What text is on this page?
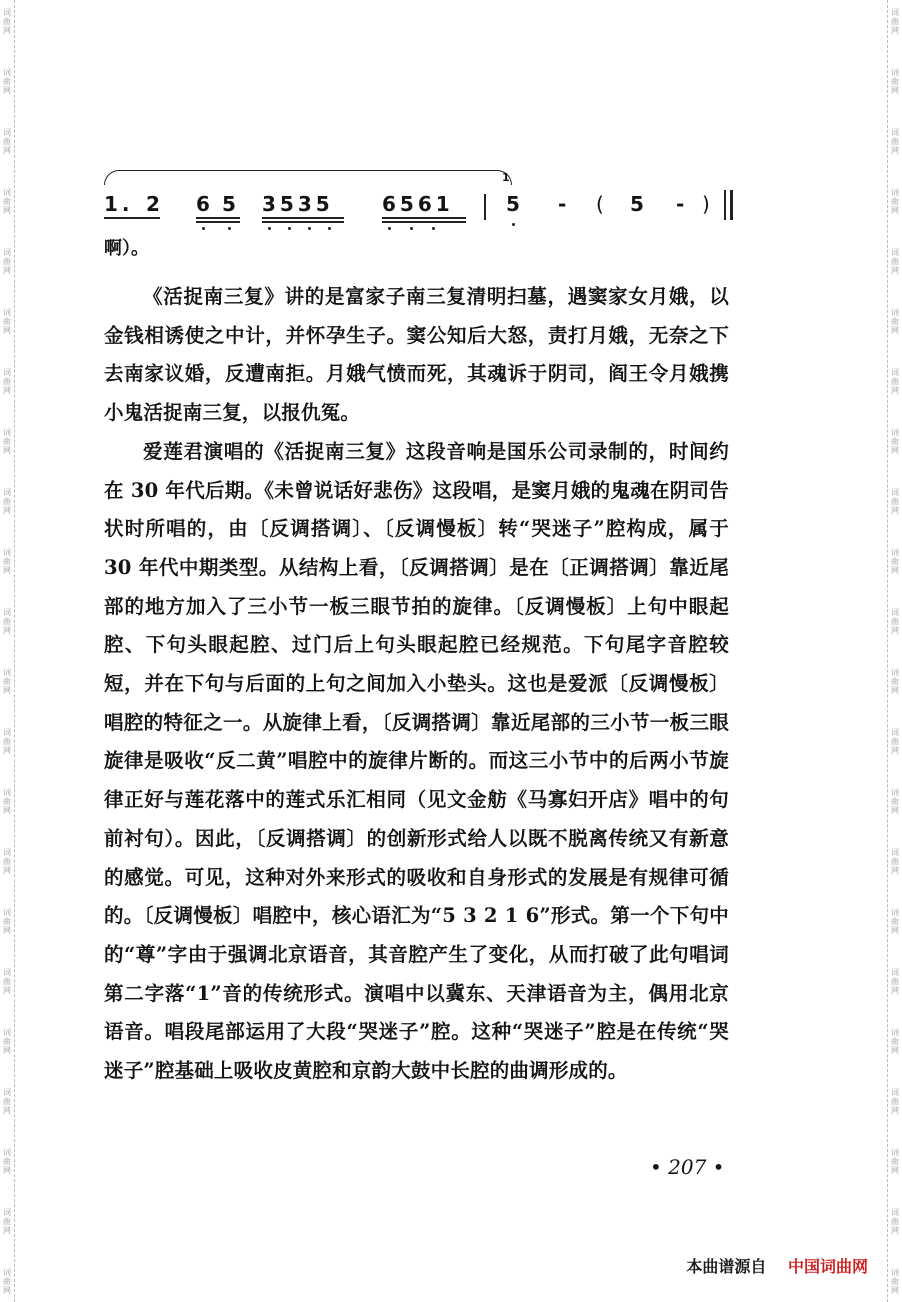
1. 2 6 5 3535 6561
1
5 - ( 5 - )
啊）。

《活捉南三复》讲的是富家子南三复清明扫墓，遇窦家女月娥，以金钱相诱使之中计，并怀孕生子。窦公知后大怒，责打月娥，无奈之下去南家议婚，反遭南拒。月娥气愤而死，其魂诉于阴司，阎王令月娥携小鬼活捉南三复，以报仇冤。

爱莲君演唱的《活捉南三复》这段音响是国乐公司录制的，时间约在 30 年代后期。《未曾说话好悲伤》这段唱，是窦月娥的鬼魂在阴司告状时所唱的，由〔反调搭调〕、〔反调慢板〕转“哭迷子”腔构成，属于 30 年代中期类型。从结构上看，〔反调搭调〕是在〔正调搭调〕靠近尾部的地方加入了三小节一板三眼节拍的旋律。〔反调慢板〕上句中眼起腔、下句头眼起腔、过门后上句头眼起腔已经规范。下句尾字音腔较短，并在下句与后面的上句之间加入小垫头。这也是爱派〔反调慢板〕唱腔的特征之一。从旋律上看，〔反调搭调〕靠近尾部的三小节一板三眼旋律是吸收“反二黄”唱腔中的旋律片断的。而这三小节中的后两小节旋律正好与莲花落中的莲式乐汇相同（见文金舫《马寡妇开店》唱中的句前衬句）。因此，〔反调搭调〕的创新形式给人以既不脱离传统又有新意的感觉。可见，这种对外来形式的吸收和自身形式的发展是有规律可循的。〔反调慢板〕唱腔中，核心语汇为“5 3 2 1 6”形式。第一个下句中的“尊”字由于强调北京语音，其音腔产生了变化，从而打破了此句唱词第二字落“1”音的传统形式。演唱中以冀东、天津语音为主，偶用北京语音。唱段尾部运用了大段“哭迷子”腔。这种“哭迷子”腔是在传统“哭迷子”腔基础上吸收皮黄腔和京韵大鼓中长腔的曲调形成的。

• 207 •
本曲谱源自 中国词曲网
词
曲
网
词
曲
网
词
曲
网
词
曲
网
词
曲
网
词
曲
网
词
曲
网
词
曲
网
词
曲
网
词
曲
网
词
曲
网
词
曲
网
词
曲
网
词
曲
网
词
曲
网
词
曲
网
词
曲
网
词
曲
网
词
曲
网
词
曲
网
词
曲
网
词
曲
网
词
曲
网
词
曲
网
词
曲
网
词
曲
网
词
曲
网
词
曲
网
词
曲
网
词
曲
网
词
曲
网
词
曲
网
词
曲
网
词
曲
网
词
曲
网
词
曲
网
词
曲
网
词
曲
网
词
曲
网
词
曲
网
词
曲
网
词
曲
网
词
曲
网
词
曲
网
